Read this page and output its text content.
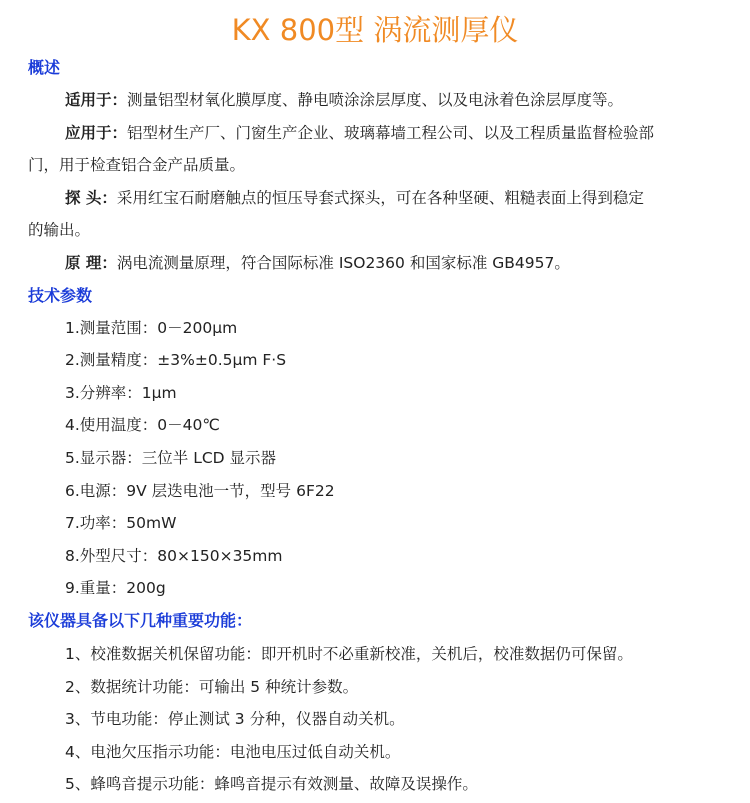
KX 800型 涡流测厚仪
概述
适用于：测量铝型材氧化膜厚度、静电喷涂涂层厚度、以及电泳着色涂层厚度等。
应用于：铝型材生产厂、门窗生产企业、玻璃幕墙工程公司、以及工程质量监督检验部
门，用于检查铝合金产品质量。
探 头：采用红宝石耐磨触点的恒压导套式探头，可在各种坚硬、粗糙表面上得到稳定
的输出。
原 理：涡电流测量原理，符合国际标准 ISO2360 和国家标准 GB4957。
技术参数
1.测量范围：0－200μm
2.测量精度：±3%±0.5μm F·S
3.分辨率：1μm
4.使用温度：0－40℃
5.显示器：三位半 LCD 显示器
6.电源：9V 层迭电池一节，型号 6F22
7.功率：50mW
8.外型尺寸：80×150×35mm
9.重量：200g
该仪器具备以下几种重要功能：
1、校准数据关机保留功能：即开机时不必重新校准，关机后，校准数据仍可保留。
2、数据统计功能：可输出 5 种统计参数。
3、节电功能：停止测试 3 分种，仪器自动关机。
4、电池欠压指示功能：电池电压过低自动关机。
5、蜂鸣音提示功能：蜂鸣音提示有效测量、故障及误操作。
